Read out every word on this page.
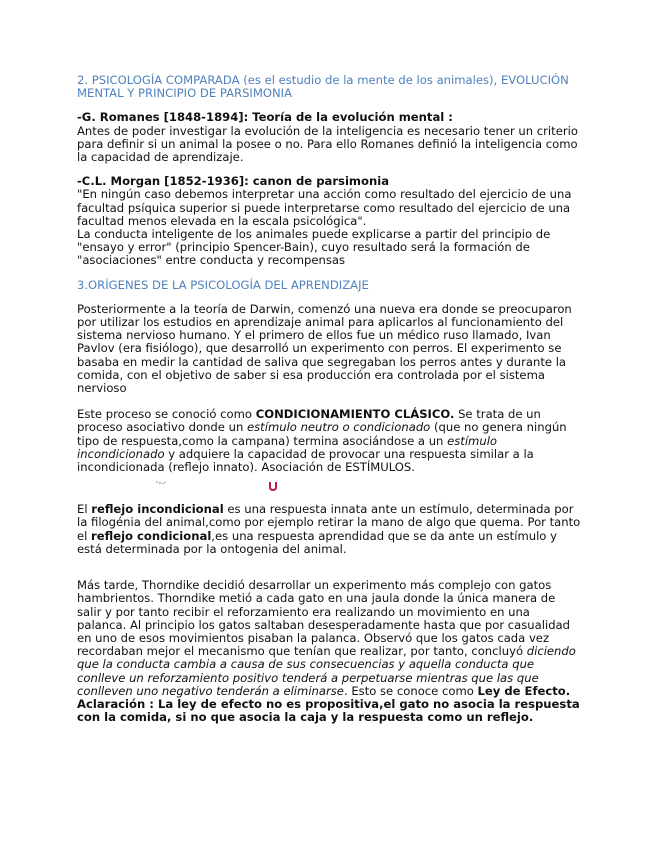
2. PSICOLOGÍA COMPARADA (es el estudio de la mente de los animales), EVOLUCIÓN MENTAL Y PRINCIPIO DE PARSIMONIA

-G. Romanes [1848-1894]: Teoría de la evolución mental :

Antes de poder investigar la evolución de la inteligencia es necesario tener un criterio para definir si un animal la posee o no. Para ello Romanes definió la inteligencia como la capacidad de aprendizaje.

-C.L. Morgan [1852-1936]: canon de parsimonia

"En ningún caso debemos interpretar una acción como resultado del ejercicio de una facultad psíquica superior si puede interpretarse como resultado del ejercicio de una facultad menos elevada en la escala psicológica".

La conducta inteligente de los animales puede explicarse a partir del principio de "ensayo y error" (principio Spencer-Bain), cuyo resultado será la formación de "asociaciones" entre conducta y recompensas

3.ORÍGENES DE LA PSICOLOGÍA DEL APRENDIZAJE

Posteriormente a la teoría de Darwin, comenzó una nueva era donde se preocuparon por utilizar los estudios en aprendizaje animal para aplicarlos al funcionamiento del sistema nervioso humano. Y el primero de ellos fue un médico ruso llamado, Ivan Pavlov (era fisiólogo), que desarrolló un experimento con perros. El experimento se basaba en medir la cantidad de saliva que segregaban los perros antes y durante la comida, con el objetivo de saber si esa producción era controlada por el sistema nervioso

Este proceso se conoció como CONDICIONAMIENTO CLÁSICO. Se trata de un proceso asociativo donde un estímulo neutro o condicionado (que no genera ningún tipo de respuesta,como la campana) termina asociándose a un estímulo incondicionado y adquiere la capacidad de provocar una respuesta similar a la incondicionada (reflejo innato). Asociación de ESTÍMULOS.

El reflejo incondicional es una respuesta innata ante un estímulo, determinada por la filogénia del animal,como por ejemplo retirar la mano de algo que quema. Por tanto el reflejo condicional,es una respuesta aprendidad que se da ante un estímulo y está determinada por la ontogenia del animal.

Más tarde, Thorndike decidió desarrollar un experimento más complejo con gatos hambrientos. Thorndike metió a cada gato en una jaula donde la única manera de salir y por tanto recibir el reforzamiento era realizando un movimiento en una palanca. Al principio los gatos saltaban desesperadamente hasta que por casualidad en uno de esos movimientos pisaban la palanca. Observó que los gatos cada vez recordaban mejor el mecanismo que tenían que realizar, por tanto, concluyó diciendo que la conducta cambia a causa de sus consecuencias y aquella conducta que conlleve un reforzamiento positivo tenderá a perpetuarse mientras que las que conlleven uno negativo tenderán a eliminarse. Esto se conoce como Ley de Efecto.

Aclaración : La ley de efecto no es propositiva,el gato no asocia la respuesta con la comida, si no que asocia la caja y la respuesta como un reflejo.
